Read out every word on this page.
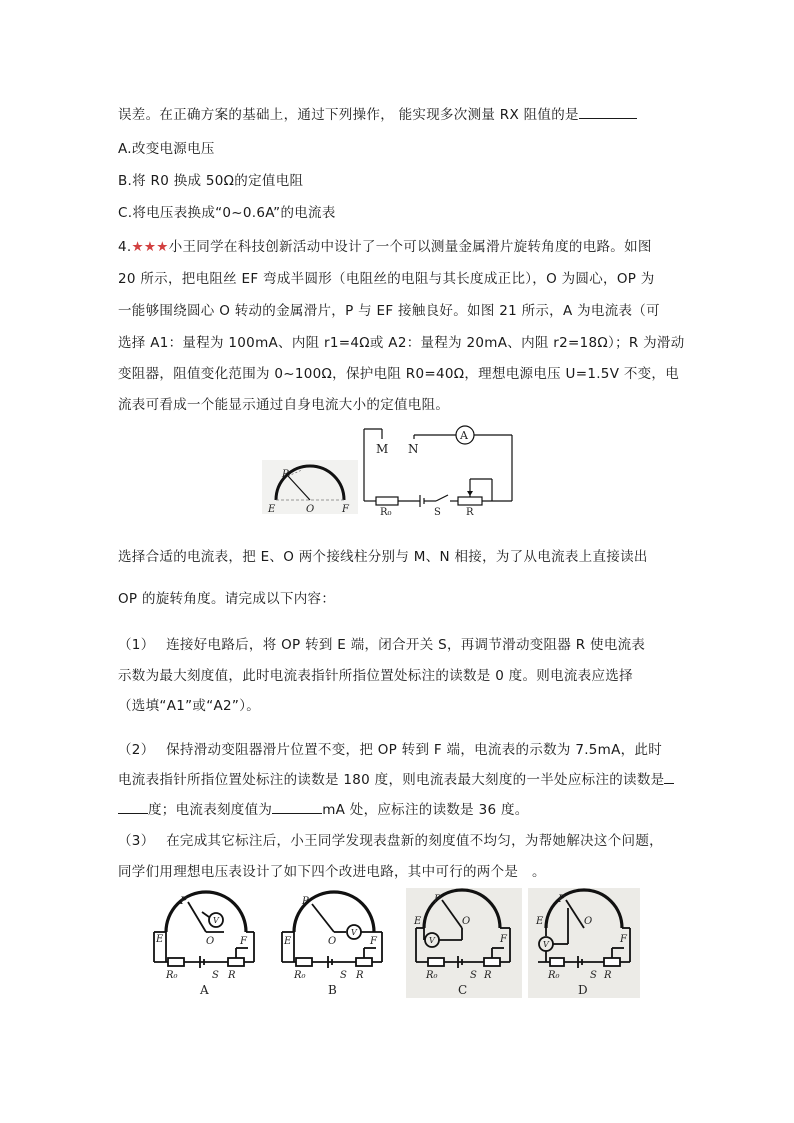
误差。在正确方案的基础上，通过下列操作， 能实现多次测量 RX 阻值的是
A.改变电源电压
B.将 R0 换成 50Ω的定值电阻
C.将电压表换成“0~0.6A”的电流表
4.★★★小王同学在科技创新活动中设计了一个可以测量金属滑片旋转角度的电路。如图
20 所示，把电阻丝 EF 弯成半圆形（电阻丝的电阻与其长度成正比），O 为圆心，OP 为
一能够围绕圆心 O 转动的金属滑片，P 与 EF 接触良好。如图 21 所示，A 为电流表（可
选择 A1：量程为 100mA、内阻 r1=4Ω或 A2：量程为 20mA、内阻 r2=18Ω）；R 为滑动
变阻器，阻值变化范围为 0~100Ω，保护电阻 R0=40Ω，理想电源电压 U=1.5V 不变，电
流表可看成一个能显示通过自身电流大小的定值电阻。
P
E	O	F
M N
A
R₀	S	R
选择合适的电流表，把 E、O 两个接线柱分别与 M、N 相接，为了从电流表上直接读出
OP 的旋转角度。请完成以下内容：
（1）　 连接好电路后，将 OP 转到 E 端，闭合开关 S，再调节滑动变阻器 R 使电流表
示数为最大刻度值，此时电流表指针所指位置处标注的读数是 0 度。则电流表应选择
（选填“A1”或“A2”）。
（2）　 保持滑动变阻器滑片位置不变，把 OP 转到 F 端，电流表的示数为 7.5mA，此时
电流表指针所指位置处标注的读数是 180 度，则电流表最大刻度的一半处应标注的读数是
度；电流表刻度值为	mA 处，应标注的读数是 36 度。
（3）　 在完成其它标注后，小王同学发现表盘新的刻度值不均匀，为帮她解决这个问题，
同学们用理想电压表设计了如下四个改进电路，其中可行的两个是　。
P
E	O	F
V
R₀	S R
A
P
E	O	F
V
R₀	S R
B
P
E	O
F
V
R₀	S R
C
P
E	O
F
V
R₀	S R
D
